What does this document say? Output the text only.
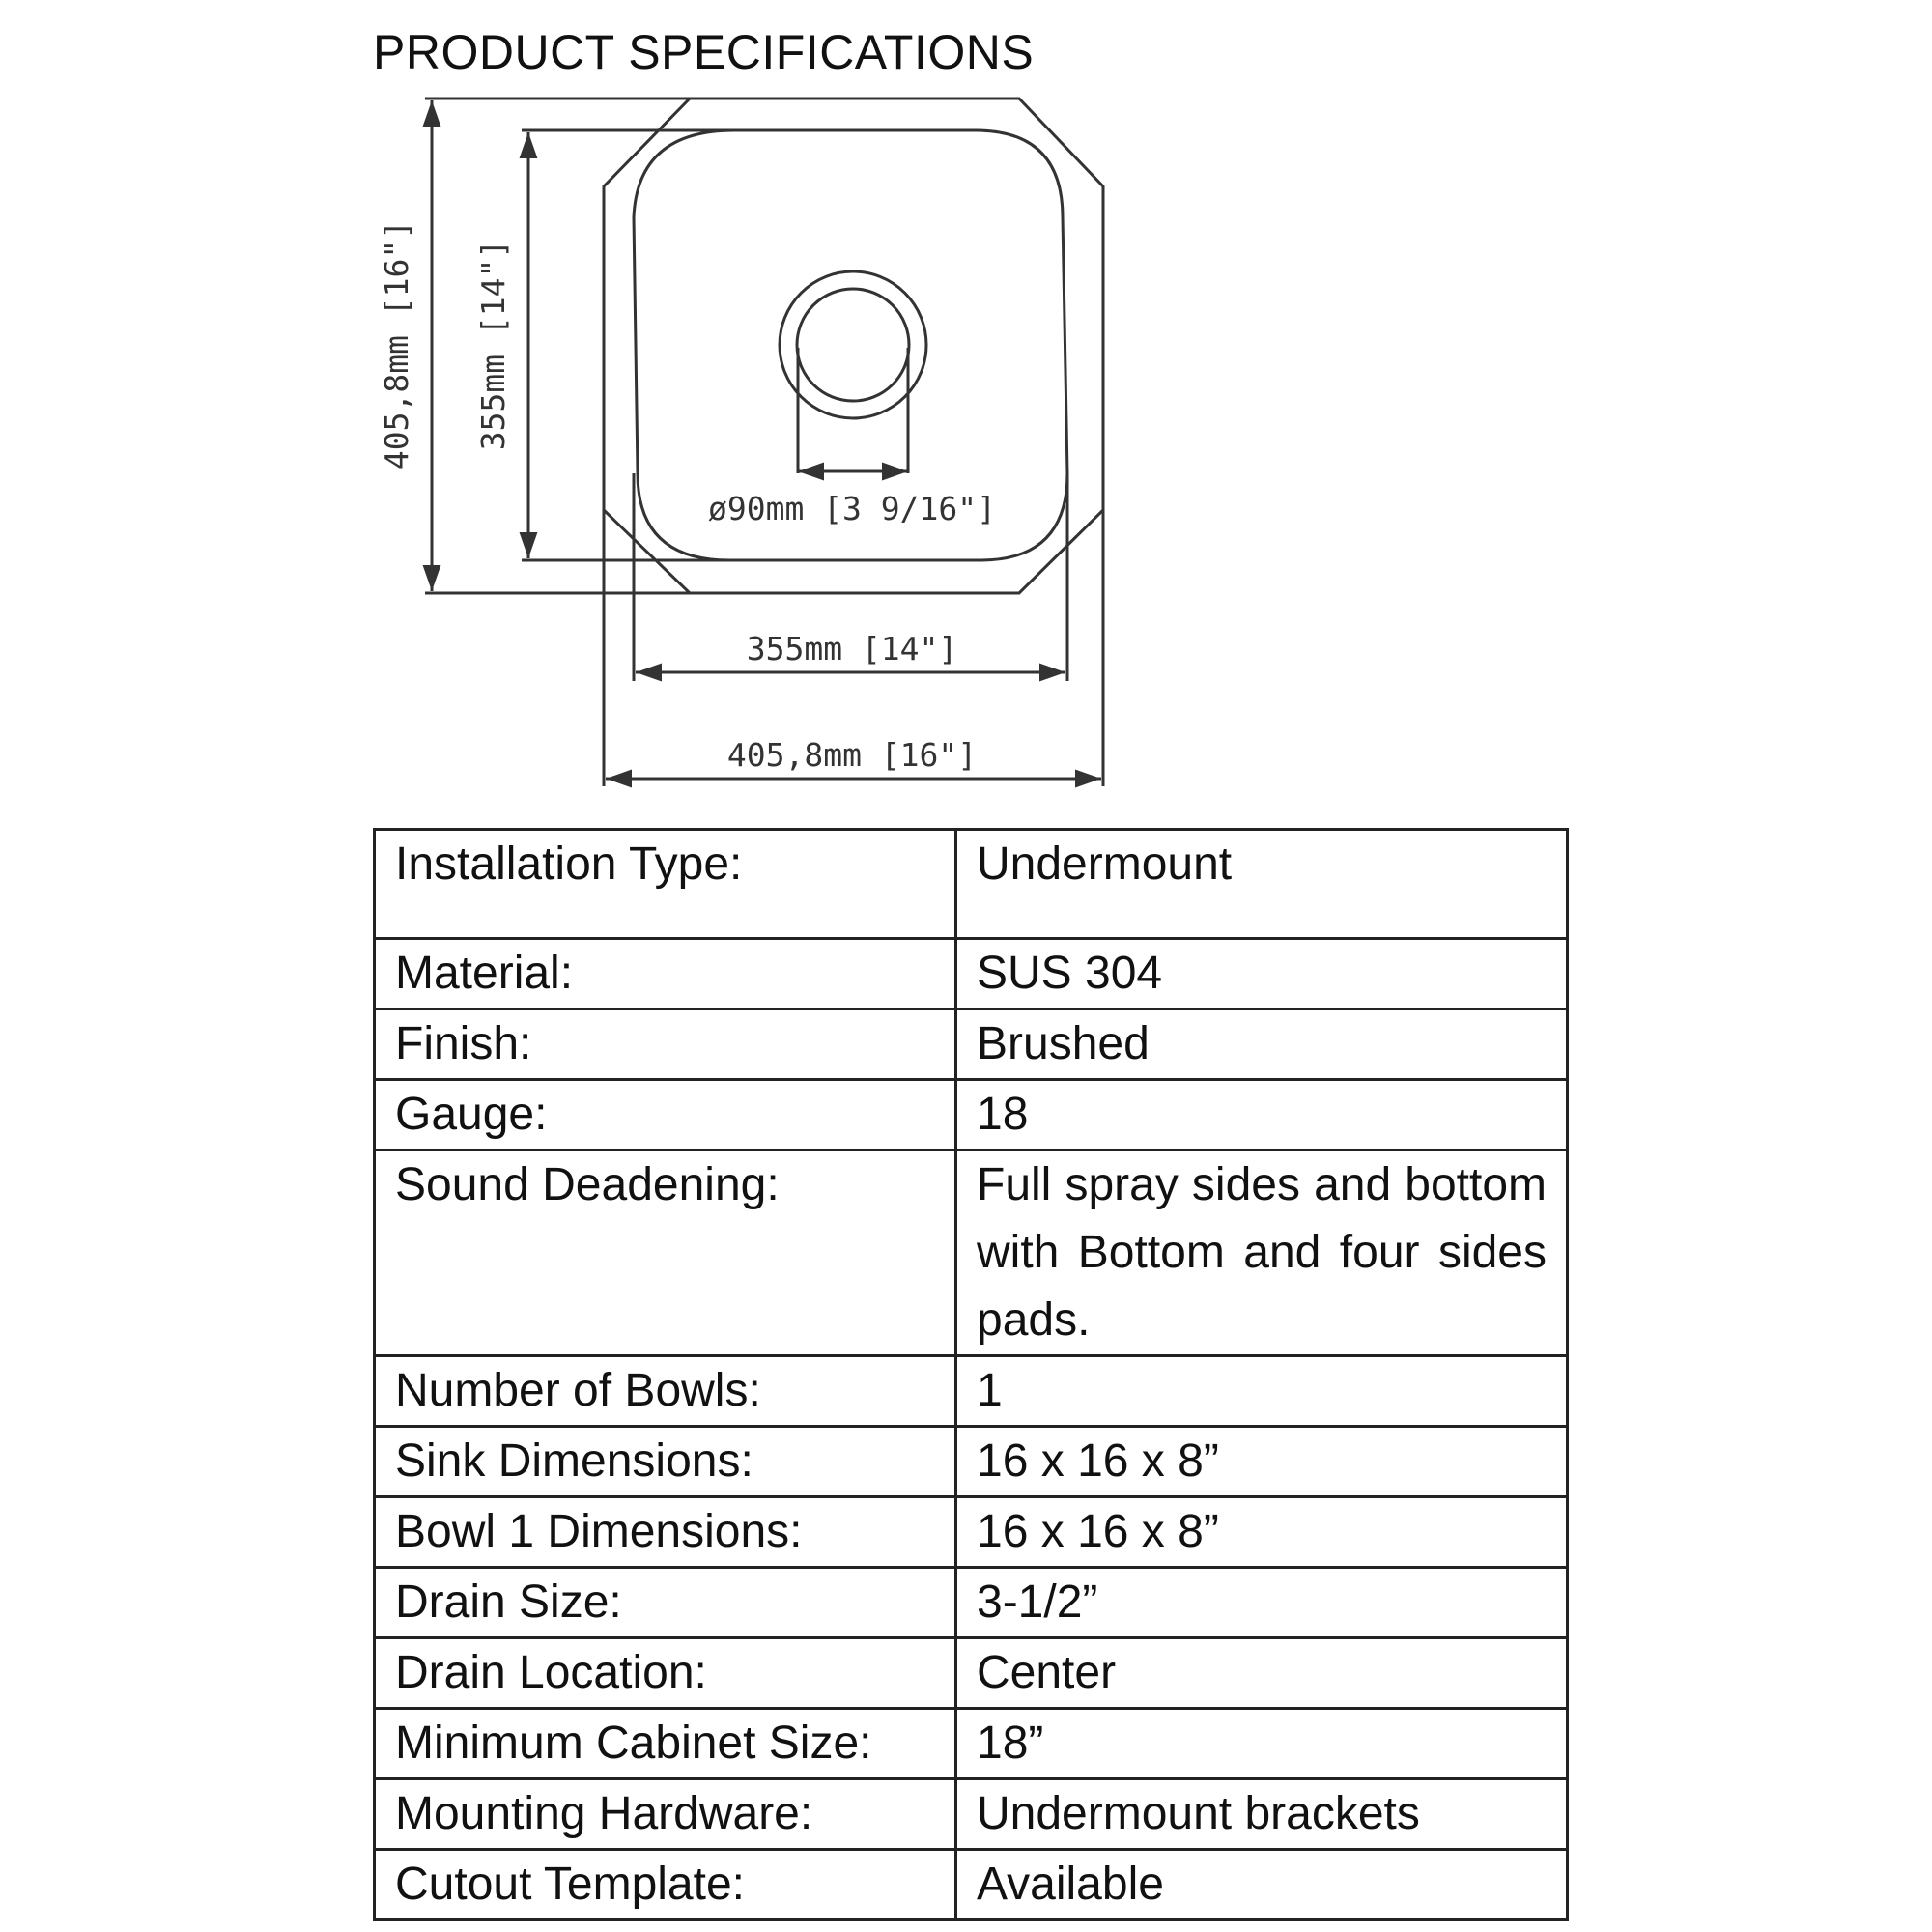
PRODUCT SPECIFICATIONS
405,8mm [16"] 355mm [14"]
ø90mm [3 9/16"]
355mm [14"]
405,8mm [16"]
Installation Type:	Undermount
Material:	SUS 304
Finish:	Brushed
Gauge:	18
Sound Deadening:	Full spray sides and bottom with Bottom and four sides pads.
Number of Bowls:	1
Sink Dimensions:	16 x 16 x 8”
Bowl 1 Dimensions:	16 x 16 x 8”
Drain Size:	3-1/2”
Drain Location:	Center
Minimum Cabinet Size:	18”
Mounting Hardware:	Undermount brackets
Cutout Template:	Available
